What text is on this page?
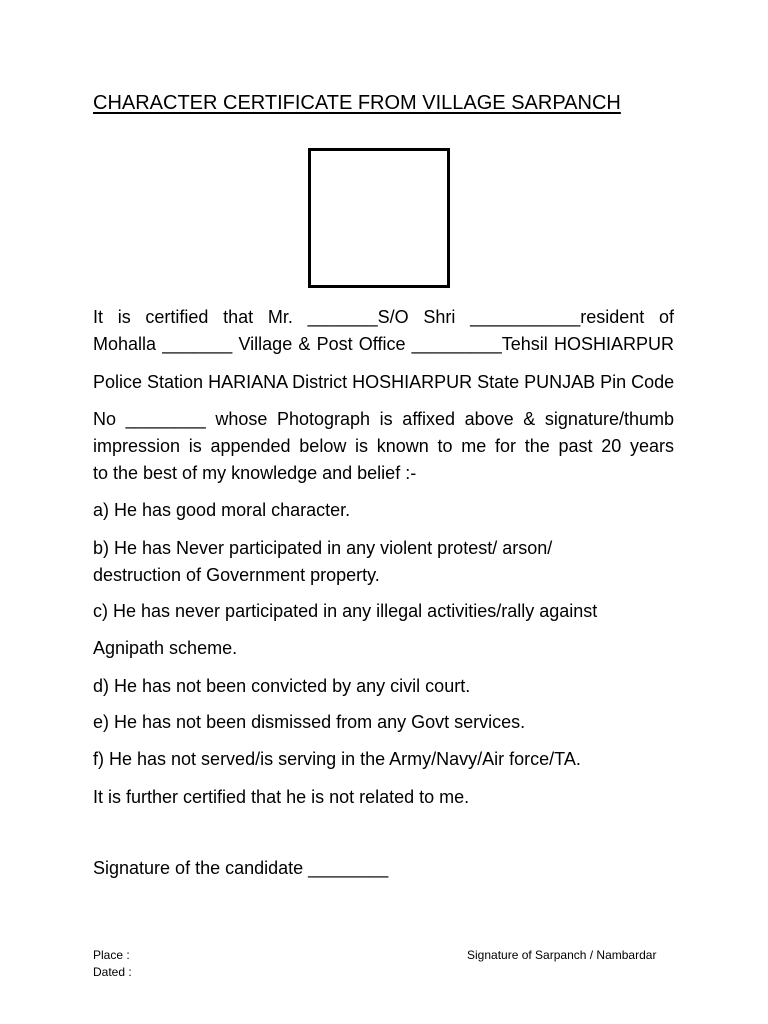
CHARACTER CERTIFICATE FROM VILLAGE SARPANCH
It is certified that Mr. _______S/O Shri ___________resident of
Mohalla _______ Village & Post Office _________Tehsil HOSHIARPUR
Police Station HARIANA District HOSHIARPUR State PUNJAB Pin Code
No ________ whose Photograph is affixed above & signature/thumb
impression is appended below is known to me for the past 20 years
to the best of my knowledge and belief :-
a) He has good moral character.
b) He has Never participated in any violent protest/ arson/
destruction of Government property.
c) He has never participated in any illegal activities/rally against
Agnipath scheme.
d) He has not been convicted by any civil court.
e) He has not been dismissed from any Govt services.
f) He has not served/is serving in the Army/Navy/Air force/TA.
It is further certified that he is not related to me.
Signature of the candidate ________
Place :
Dated :
Signature of Sarpanch / Nambardar
